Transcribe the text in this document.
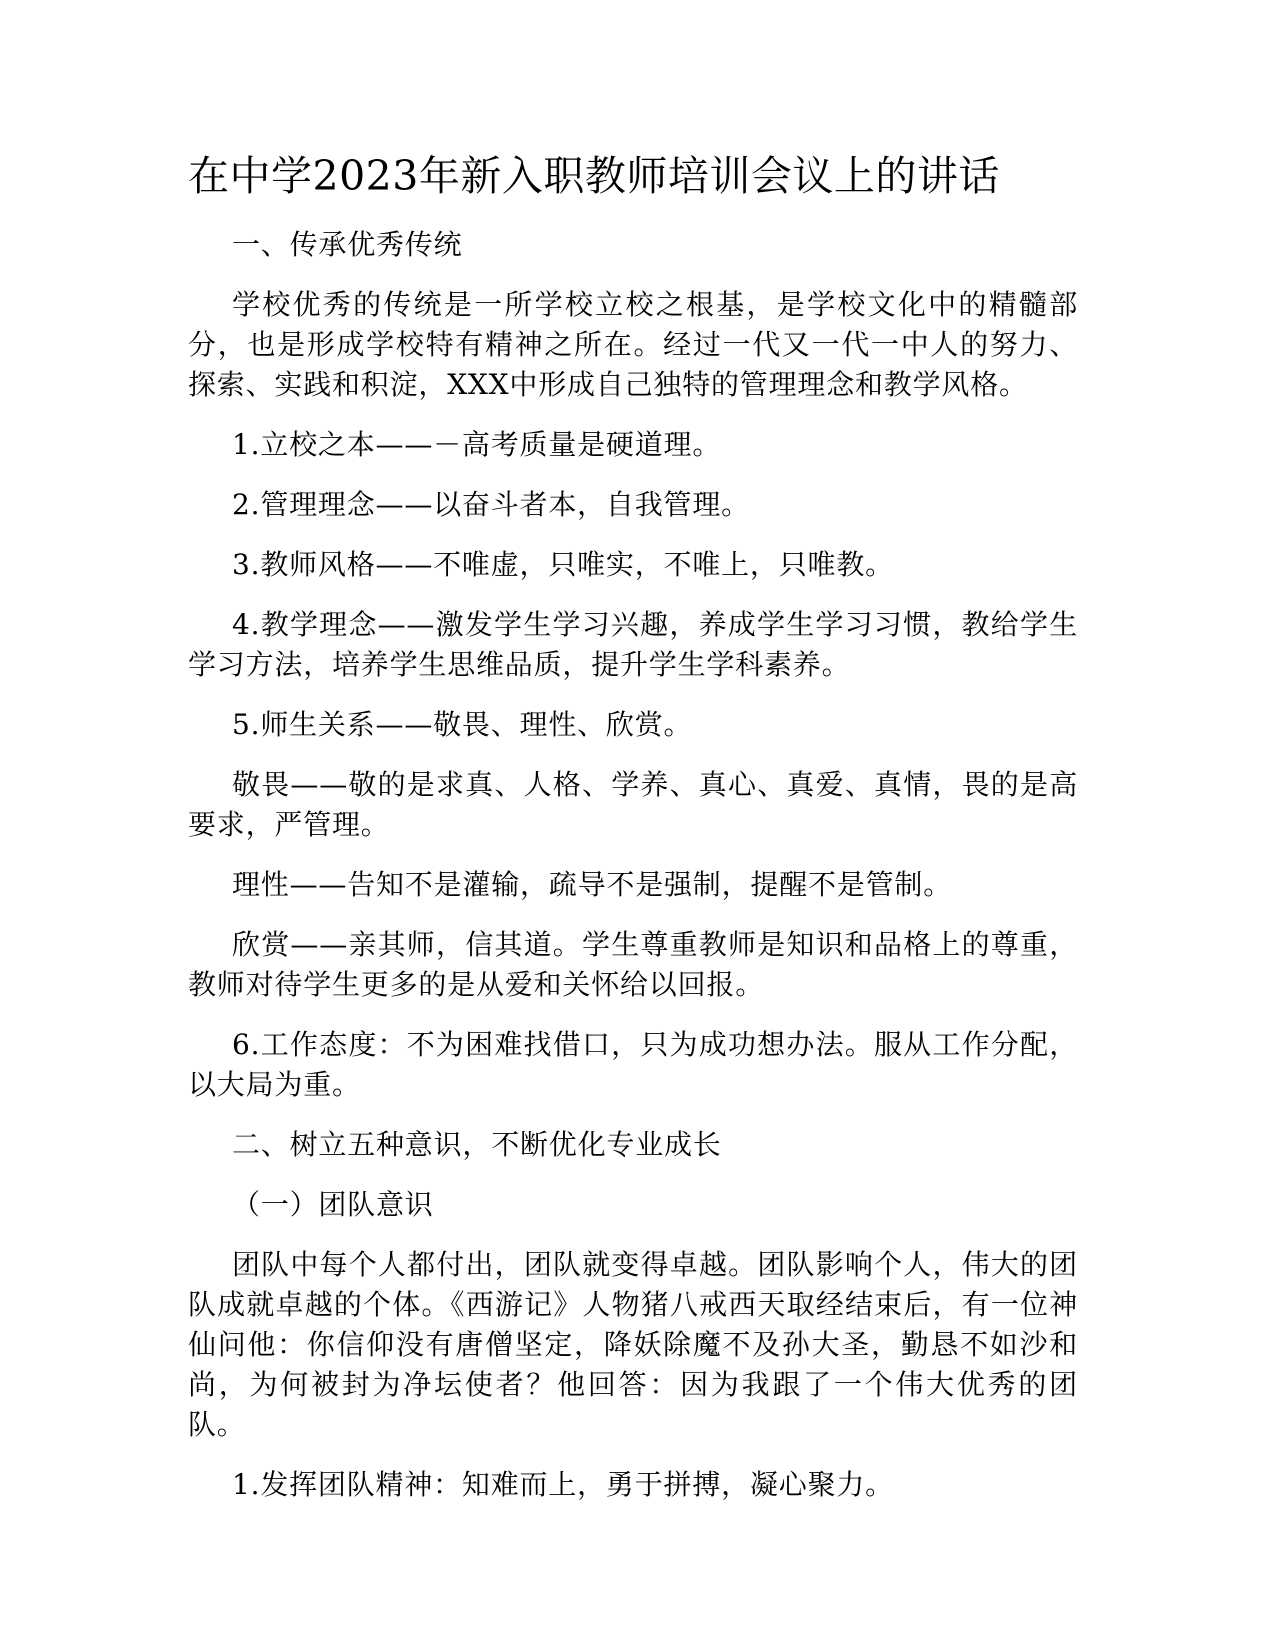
在中学2023年新入职教师培训会议上的讲话

一、传承优秀传统

学校优秀的传统是一所学校立校之根基，是学校文化中的精髓部分，也是形成学校特有精神之所在。经过一代又一代一中人的努力、探索、实践和积淀，XXX中形成自己独特的管理理念和教学风格。

1.立校之本——－高考质量是硬道理。

2.管理理念——以奋斗者本，自我管理。

3.教师风格——不唯虚，只唯实，不唯上，只唯教。

4.教学理念——激发学生学习兴趣，养成学生学习习惯，教给学生学习方法，培养学生思维品质，提升学生学科素养。

5.师生关系——敬畏、理性、欣赏。

敬畏——敬的是求真、人格、学养、真心、真爱、真情，畏的是高要求，严管理。

理性——告知不是灌输，疏导不是强制，提醒不是管制。

欣赏——亲其师，信其道。学生尊重教师是知识和品格上的尊重，教师对待学生更多的是从爱和关怀给以回报。

6.工作态度：不为困难找借口，只为成功想办法。服从工作分配，以大局为重。

二、树立五种意识，不断优化专业成长

（一）团队意识

团队中每个人都付出，团队就变得卓越。团队影响个人，伟大的团队成就卓越的个体。《西游记》人物猪八戒西天取经结束后，有一位神仙问他：你信仰没有唐僧坚定，降妖除魔不及孙大圣，勤恳不如沙和尚，为何被封为净坛使者？他回答：因为我跟了一个伟大优秀的团队。

1.发挥团队精神：知难而上，勇于拼搏，凝心聚力。
